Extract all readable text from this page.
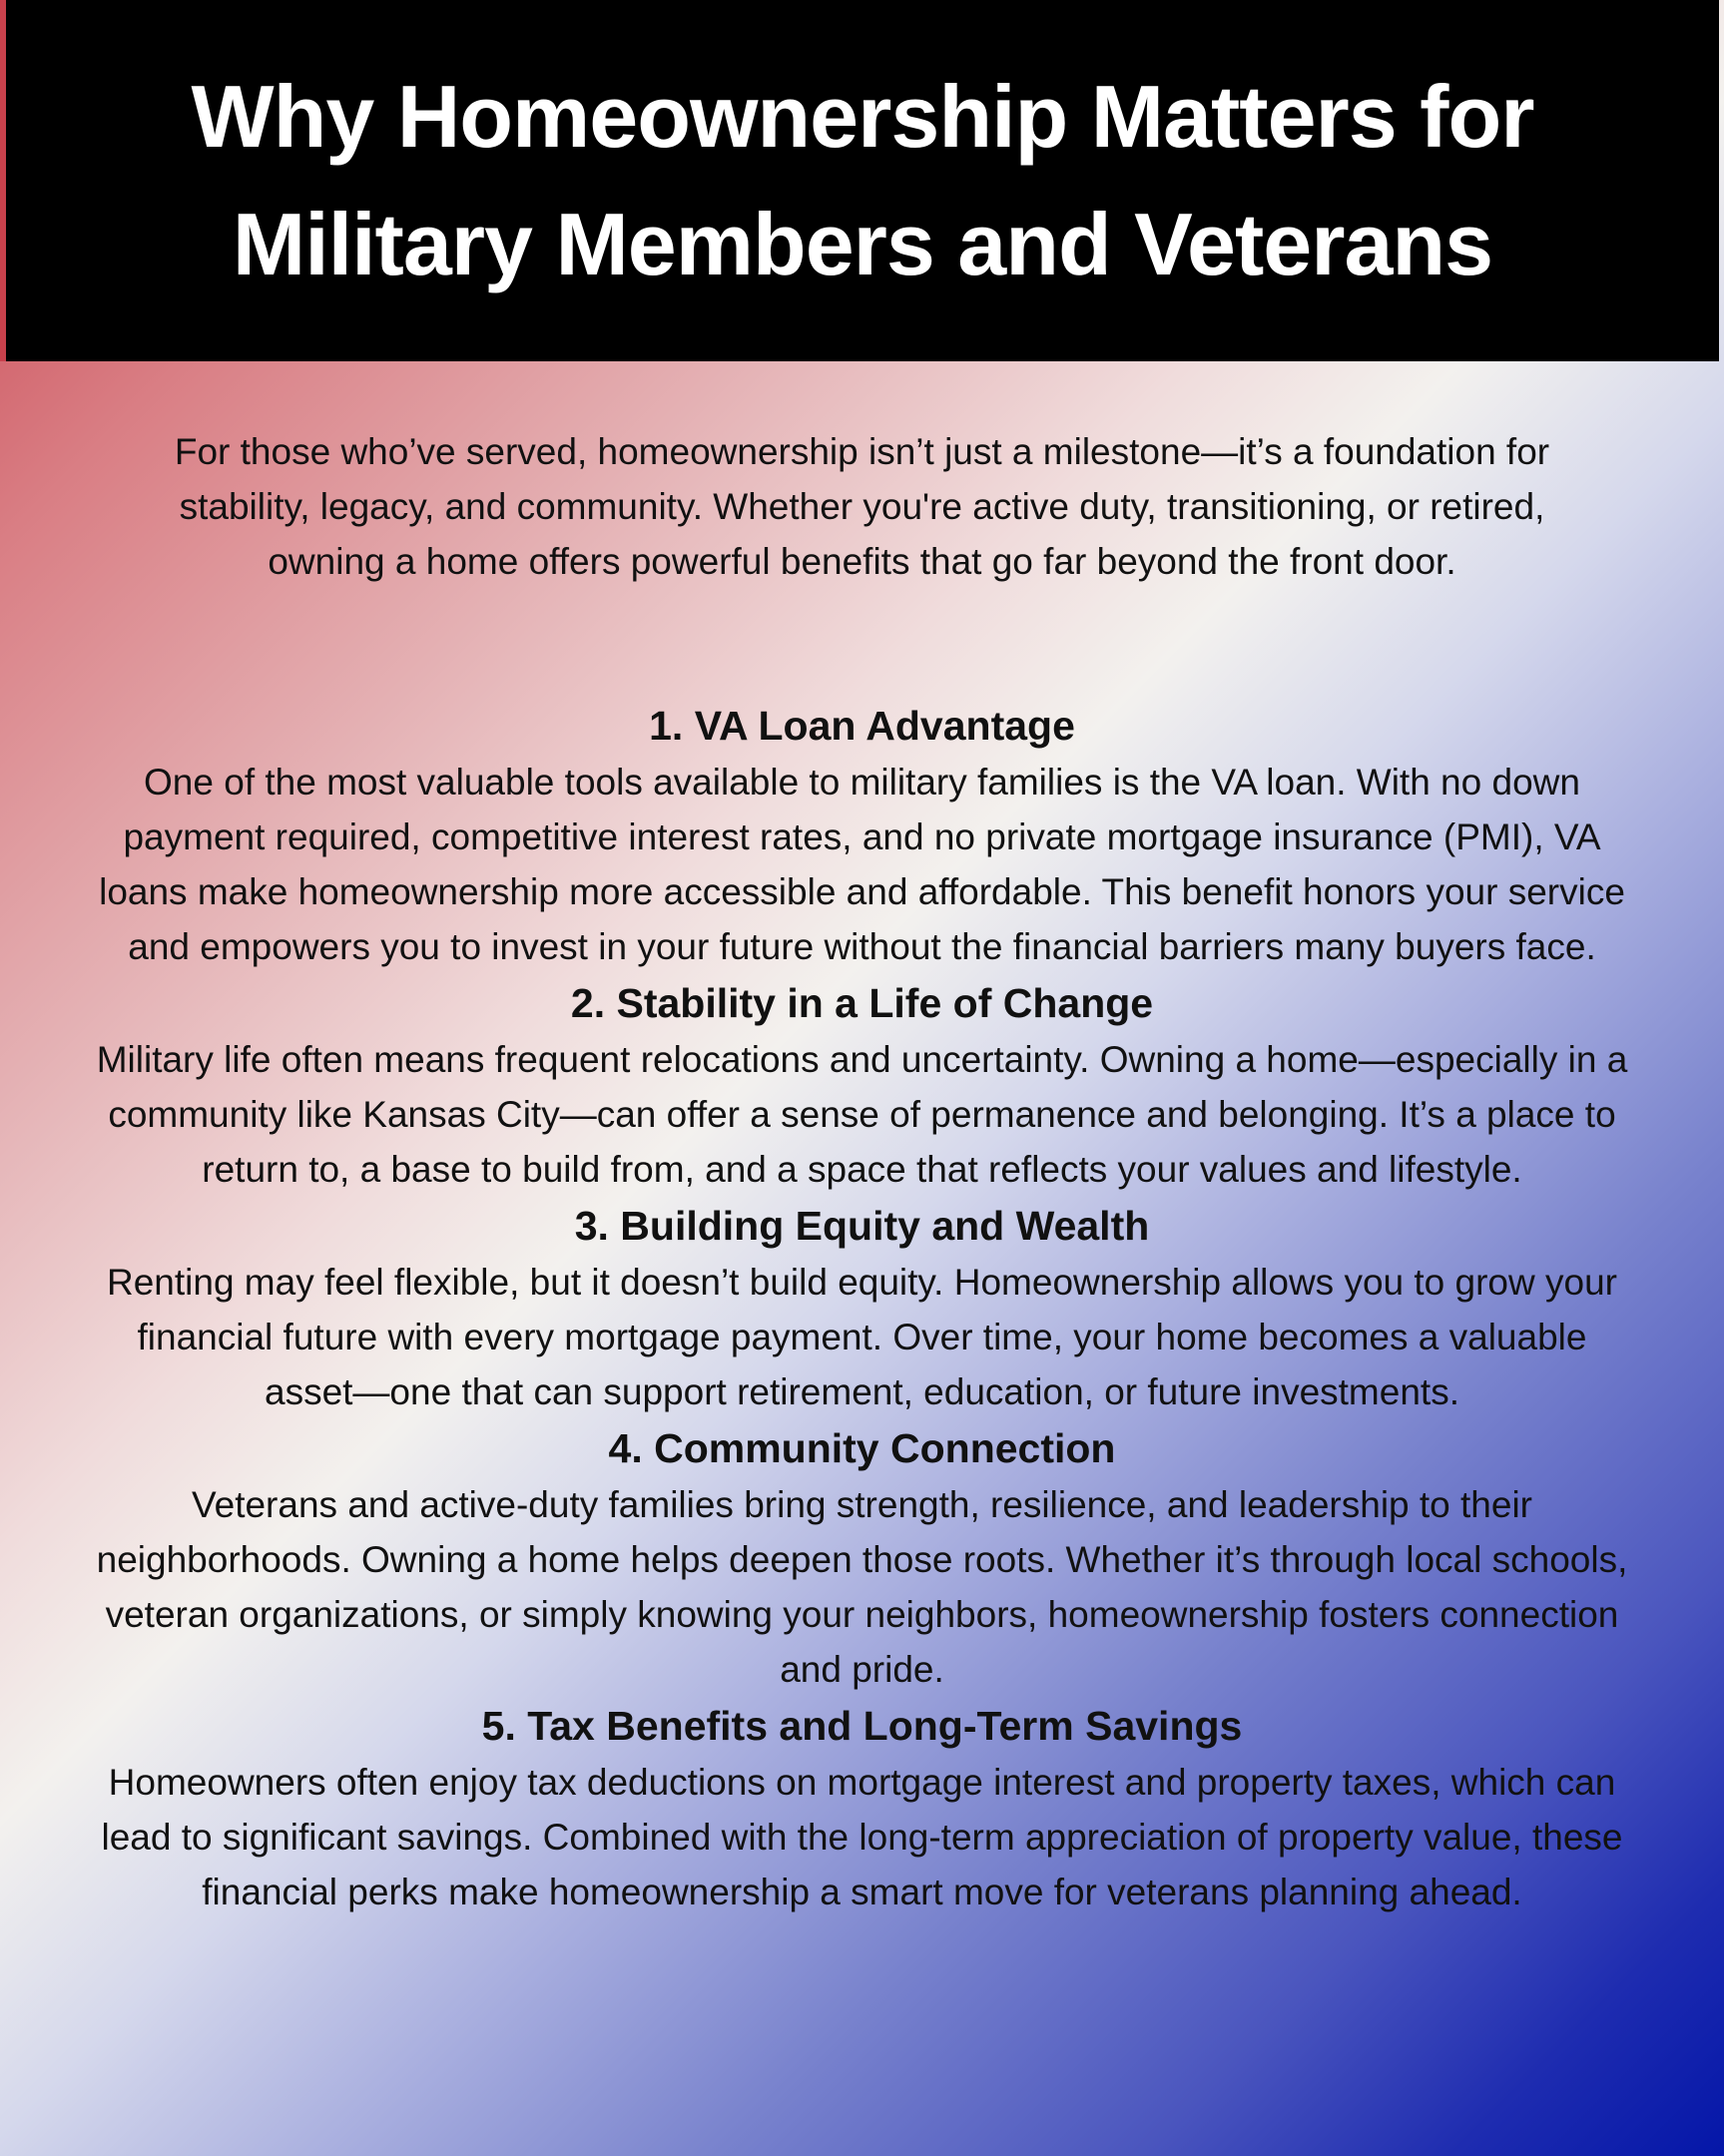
Why Homeownership Matters for
Military Members and Veterans

For those who’ve served, homeownership isn’t just a milestone—it’s a foundation for stability, legacy, and community. Whether you're active duty, transitioning, or retired, owning a home offers powerful benefits that go far beyond the front door.

1. VA Loan Advantage

One of the most valuable tools available to military families is the VA loan. With no down payment required, competitive interest rates, and no private mortgage insurance (PMI), VA loans make homeownership more accessible and affordable. This benefit honors your service and empowers you to invest in your future without the financial barriers many buyers face.

2. Stability in a Life of Change

Military life often means frequent relocations and uncertainty. Owning a home—especially in a community like Kansas City—can offer a sense of permanence and belonging. It’s a place to return to, a base to build from, and a space that reflects your values and lifestyle.

3. Building Equity and Wealth

Renting may feel flexible, but it doesn’t build equity. Homeownership allows you to grow your financial future with every mortgage payment. Over time, your home becomes a valuable asset—one that can support retirement, education, or future investments.

4. Community Connection

Veterans and active-duty families bring strength, resilience, and leadership to their neighborhoods. Owning a home helps deepen those roots. Whether it’s through local schools, veteran organizations, or simply knowing your neighbors, homeownership fosters connection and pride.

5. Tax Benefits and Long-Term Savings

Homeowners often enjoy tax deductions on mortgage interest and property taxes, which can lead to significant savings. Combined with the long-term appreciation of property value, these financial perks make homeownership a smart move for veterans planning ahead.
